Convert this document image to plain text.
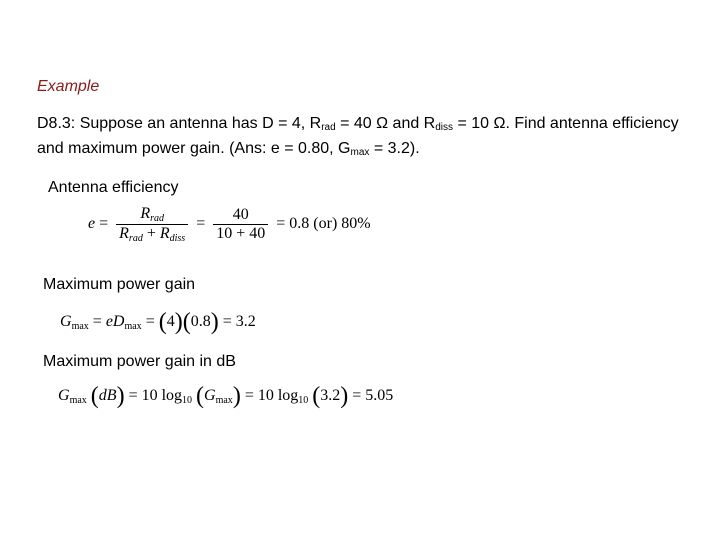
Example
D8.3: Suppose an antenna has D = 4, $R_{rad} = 40$ Ω and $R_{diss} = 10$ Ω. Find antenna efficiency and maximum power gain. (Ans: e = 0.80, $G_{max} = 3.2$).
Antenna efficiency
$e = \frac{R_{rad}}{R_{rad} + R_{diss}} = \frac{40}{10 + 40} = 0.8$ (or) 80%
Maximum power gain
$G_{max} = eD_{max} = (4)(0.8) = 3.2$
Maximum power gain in dB
$G_{max}$ (dB) = 10 $\log_{10} (G_{max}) = 10$ $\log_{10} (3.2) = 5.05$
